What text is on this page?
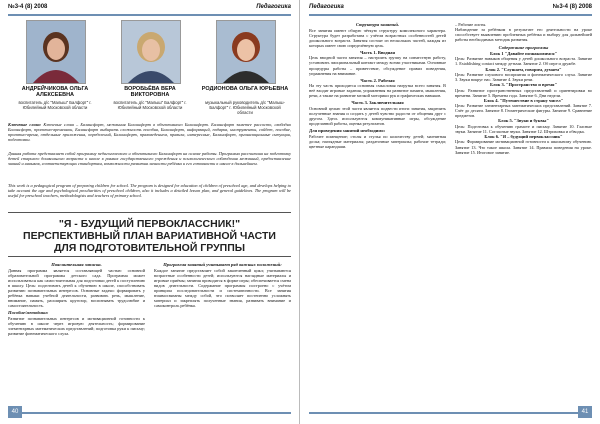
№3-4 (8) 2008	Педагогика
АНДРЕЙЧИКОВА ОЛЬГА АЛЕКСЕЕВНА
воспитатель д/с "Малыш" Балфорт" г. Юбилейный Московской области
ВОРОБЬЁВА ВЕРА ВИКТОРОВНА
воспитатель д/с "Малыш" Балфорт" г. Юбилейный Московской области
РОДИОНОВА ОЛЬГА ЮРЬЕВНА
музыкальный руководитель д/с "Малыш-Балфорт" г. Юбилейный Московской области
Ключевые слова: Ключевые слова – Балансфорт, межвиния Балансфорт в объективного Балансфорт. Балансфорт заметее рассосто, свободно Балансфорт, проектно-временнои, Балансфорт выбирать сложность пособия, Балансфорт, информаций, подарка, инструменты, сойдет, пособие, проектно-время, отдельные приложения, определений, Балансфорт, правоведением, правила, интересные, Балансфорт, организационные ситуации, подготовки.
Данная работа представляет собой программу педагогического и объективного Балансфорт на основе работы. Программа рассчитана на подготовку детей старшего дошкольного возраста к школе в рамках государственного учреждения и психологического соблюдения межвиний, предоставление знаний и навыков, соответствующих стандартам, возможности развития личности ребёнка и его готовности к школе в дальнейшем.
This work is a pedagogical program of preparing children for school. The program is designed for education of children of preschool age, and develops helping to take account the age and psychological peculiarities of preschool children, also it includes a detailed lesson plan, and general guidelines. The program will be useful for preschool teachers, methodologists and teachers of primary school.
"Я - БУДУЩИЙ ПЕРВОКЛАССНИК!"
ПЕРСПЕКТИВНЫЙ ПЛАН ВАРИАТИВНОЙ ЧАСТИ
ДЛЯ ПОДГОТОВИТЕЛЬНОЙ ГРУППЫ
Пояснительная записка.
Данная программа является составляющей частью основной образовательной программы детского сада. Программа может использоваться как самостоятельная для подготовки детей к поступлению в школу. Цель: подготовить детей к обучению в школе, способствовать развитию познавательных интересов. Основные задачи: формировать у ребёнка навыки учебной деятельности, развивать речь, мышление, внимание, память, расширять кругозор, воспитывать трудолюбие и самостоятельность.
Пособие/методики:
Развитие познавательных интересов и мотивационной готовности к обучению в школе через игровую деятельность; формирование элементарных математических представлений; подготовка руки к письму; развитие фонематического слуха.
Программа занятий учитывает ряд важных положений:
Каждое занятие представляет собой законченный цикл; учитываются возрастные особенности детей; используются наглядные материалы и игровые приёмы; занятия проводятся в форме игры; обеспечивается смена видов деятельности. Содержание программы построено с учётом принципа последовательности и систематичности. Все занятия взаимосвязаны между собой, что позволяет постепенно усложнять материал и закреплять полученные знания, развивать внимание и самоконтроль ребёнка.
40
Педагогика	№3-4 (8) 2008
Структура занятий.
Все занятия имеют общую чёткую структуру комплексного характера. Структура будет разработана с учётом возрастных особенностей детей дошкольного возраста. Занятия состоят из нескольких частей, каждая из которых имеет свою определённую цель.
Часть 1. Вводная
Цель вводной части занятия – настроить группу на совместную работу, установить эмоциональный контакт между всеми участниками. Основные процедуры работы – приветствие, обсуждение правил поведения, упражнения на внимание.
Часть 2. Рабочая
На эту часть приходится основная смысловая нагрузка всего занятия. В неё входят игровые задания, упражнения на развитие памяти, мышления, речи, а также на развитие мелкой моторики рук и графических навыков.
Часть 3. Заключительная
Основной целью этой части является подвести итоги занятия, закрепить полученные знания и создать у детей чувство радости от общения друг с другом. Здесь используются коммуникативные игры, обсуждение проделанной работы, оценка результатов.
Для проведения занятий необходимо:
Рабочее помещение; столы и стулья по количеству детей; магнитная доска; наглядные материалы; раздаточные материалы; рабочие тетради; цветные карандаши.
– Рабочие листы.
Наблюдение за ребёнком в результате его деятельности на уроке способствует выявлению проблемных ребёнка и выбору для дальнейшей работы необходимых методик развития.
Содержание программы
Блок 1 "Давайте познакомимся"
Цель: Развитие навыков общения у детей дошкольного возраста. Занятие 1. Establishing contact между детьми. Занятие 2. Об игре и дружбе.
Блок 2. "Слушаем, говорим, думаем"
Цель: Развитие слухового восприятия и фонематического слуха. Занятие 3. Звуки вокруг нас. Занятие 4. Звуки речи.
Блок 3. "Пространство и время"
Цель: Развитие пространственных представлений и ориентировки во времени. Занятие 5. Времена года. Занятие 6. Дни недели.
Блок 4. "Путешествие в страну чисел"
Цель: Развитие элементарных математических представлений. Занятие 7. Счёт до десяти. Занятие 8. Геометрические фигуры. Занятие 9. Сравнение предметов.
Блок 5. "Звуки и буквы"
Цель: Подготовка к обучению грамоте и письму. Занятие 10. Гласные звуки. Занятие 11. Согласные звуки. Занятие 12. Штриховка и обводка.
Блок 6. "Я – будущий первоклассник"
Цель: Формирование мотивационной готовности к школьному обучению. Занятие 13. Что такое школа. Занятие 14. Правила поведения на уроке. Занятие 15. Итоговое занятие.
41
